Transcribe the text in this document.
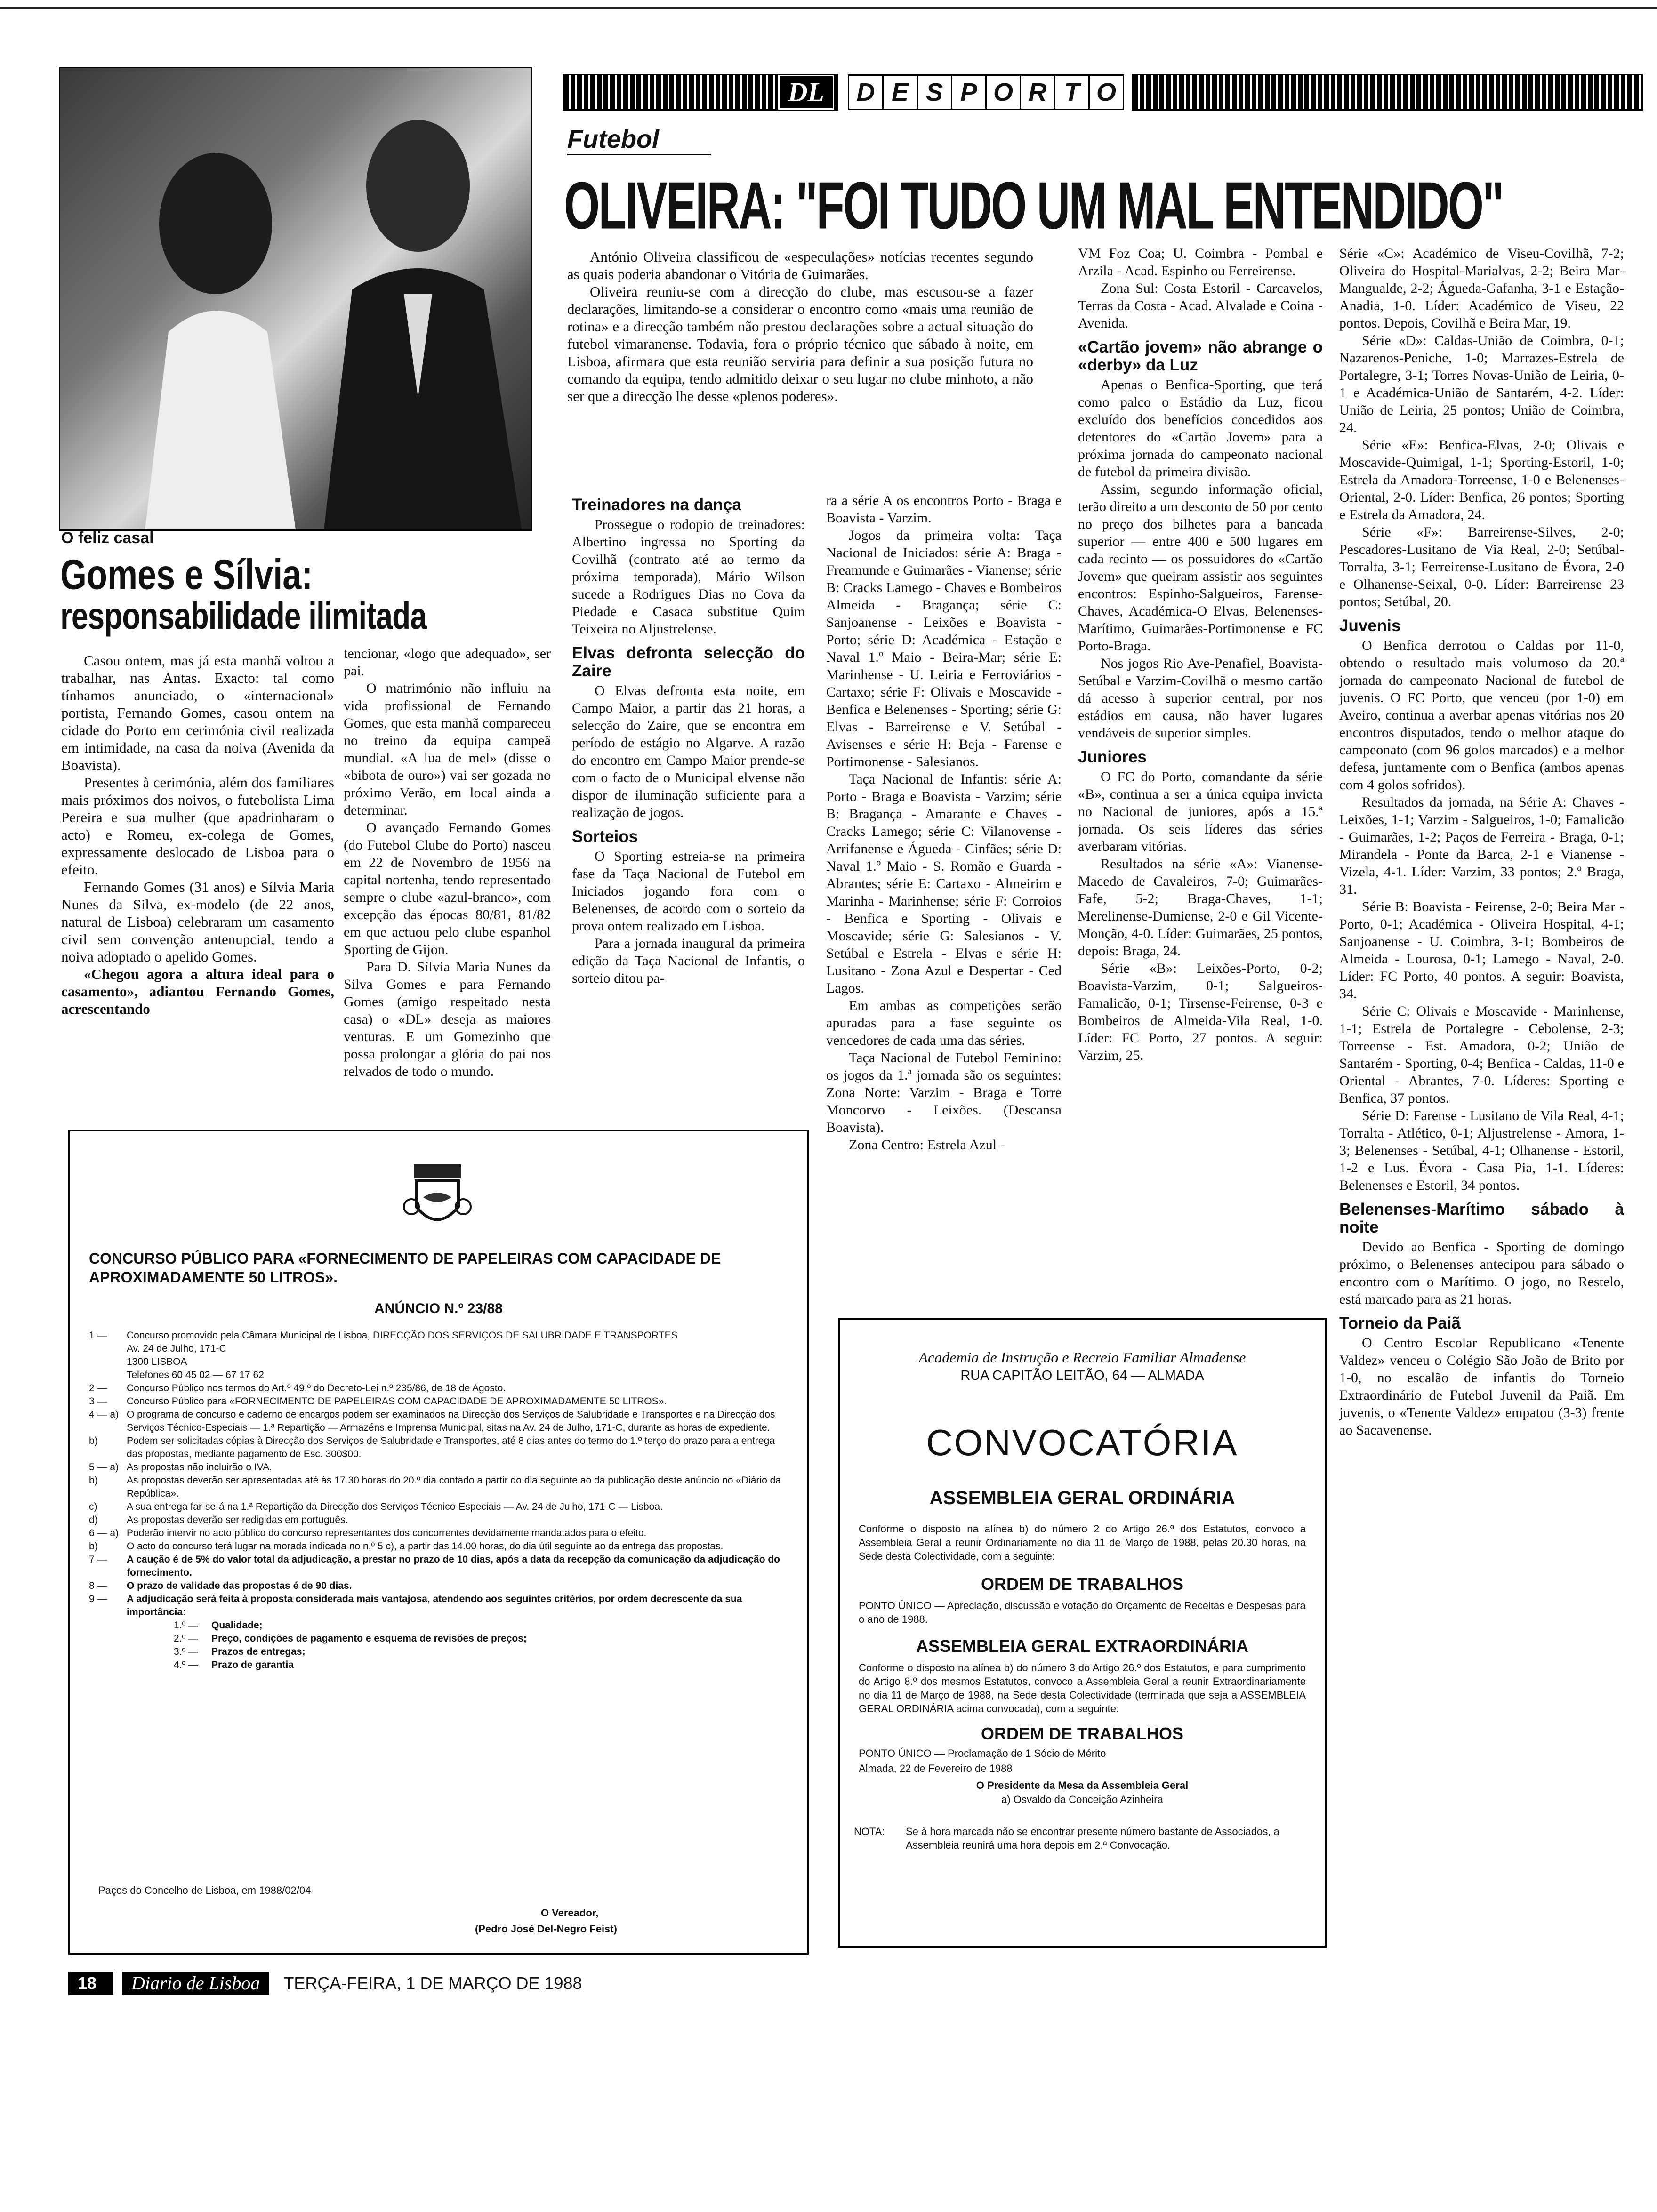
O feliz casal
Gomes e Sílvia:
responsabilidade ilimitada

Casou ontem, mas já esta manhã voltou a trabalhar, nas Antas. Exacto: tal como tínhamos anunciado, o «internacional» portista, Fernando Gomes, casou ontem na cidade do Porto em cerimónia civil realizada em intimidade, na casa da noiva (Avenida da Boavista).

Presentes à cerimónia, além dos familiares mais próximos dos noivos, o futebolista Lima Pereira e sua mulher (que apadrinharam o acto) e Romeu, ex-colega de Gomes, expressamente deslocado de Lisboa para o efeito.

Fernando Gomes (31 anos) e Sílvia Maria Nunes da Silva, ex-modelo (de 22 anos, natural de Lisboa) celebraram um casamento civil sem convenção antenupcial, tendo a noiva adoptado o apelido Gomes.

«Chegou agora a altura ideal para o casamento», adiantou Fernando Gomes, acrescentando

tencionar, «logo que adequado», ser pai.

O matrimónio não influiu na vida profissional de Fernando Gomes, que esta manhã compareceu no treino da equipa campeã mundial. «A lua de mel» (disse o «bibota de ouro») vai ser gozada no próximo Verão, em local ainda a determinar.

O avançado Fernando Gomes (do Futebol Clube do Porto) nasceu em 22 de Novembro de 1956 na capital nortenha, tendo representado sempre o clube «azul-branco», com excepção das épocas 80/81, 81/82 em que actuou pelo clube espanhol Sporting de Gijon.

Para D. Sílvia Maria Nunes da Silva Gomes e para Fernando Gomes (amigo respeitado nesta casa) o «DL» deseja as maiores venturas. E um Gomezinho que possa prolongar a glória do pai nos relvados de todo o mundo.

DL	D E S P O R T O
Futebol
OLIVEIRA: "FOI TUDO UM MAL ENTENDIDO"

António Oliveira classificou de «especulações» notícias recentes segundo as quais poderia abandonar o Vitória de Guimarães.

Oliveira reuniu-se com a direcção do clube, mas escusou-se a fazer declarações, limitando-se a considerar o encontro como «mais uma reunião de rotina» e a direcção também não prestou declarações sobre a actual situação do futebol vimaranense. Todavia, fora o próprio técnico que sábado à noite, em Lisboa, afirmara que esta reunião serviria para definir a sua posição futura no comando da equipa, tendo admitido deixar o seu lugar no clube minhoto, a não ser que a direcção lhe desse «plenos poderes».

Treinadores na dança

Prossegue o rodopio de treinadores: Albertino ingressa no Sporting da Covilhã (contrato até ao termo da próxima temporada), Mário Wilson sucede a Rodrigues Dias no Cova da Piedade e Casaca substitue Quim Teixeira no Aljustrelense.

Elvas defronta selecção do Zaire

O Elvas defronta esta noite, em Campo Maior, a partir das 21 horas, a selecção do Zaire, que se encontra em período de estágio no Algarve. A razão do encontro em Campo Maior prende-se com o facto de o Municipal elvense não dispor de iluminação suficiente para a realização de jogos.

Sorteios

O Sporting estreia-se na primeira fase da Taça Nacional de Futebol em Iniciados jogando fora com o Belenenses, de acordo com o sorteio da prova ontem realizado em Lisboa.

Para a jornada inaugural da primeira edição da Taça Nacional de Infantis, o sorteio ditou pa-

ra a série A os encontros Porto - Braga e Boavista - Varzim.

Jogos da primeira volta: Taça Nacional de Iniciados: série A: Braga - Freamunde e Guimarães - Vianense; série B: Cracks Lamego - Chaves e Bombeiros Almeida - Bragança; série C: Sanjoanense - Leixões e Boavista - Porto; série D: Académica - Estação e Naval 1.º Maio - Beira-Mar; série E: Marinhense - U. Leiria e Ferroviários - Cartaxo; série F: Olivais e Moscavide - Benfica e Belenenses - Sporting; série G: Elvas - Barreirense e V. Setúbal - Avisenses e série H: Beja - Farense e Portimonense - Salesianos.

Taça Nacional de Infantis: série A: Porto - Braga e Boavista - Varzim; série B: Bragança - Amarante e Chaves - Cracks Lamego; série C: Vilanovense - Arrifanense e Águeda - Cinfães; série D: Naval 1.º Maio - S. Romão e Guarda - Abrantes; série E: Cartaxo - Almeirim e Marinha - Marinhense; série F: Corroios - Benfica e Sporting - Olivais e Moscavide; série G: Salesianos - V. Setúbal e Estrela - Elvas e série H: Lusitano - Zona Azul e Despertar - Ced Lagos.

Em ambas as competições serão apuradas para a fase seguinte os vencedores de cada uma das séries.

Taça Nacional de Futebol Feminino: os jogos da 1.ª jornada são os seguintes: Zona Norte: Varzim - Braga e Torre Moncorvo - Leixões. (Descansa Boavista).

Zona Centro: Estrela Azul -

VM Foz Coa; U. Coimbra - Pombal e Arzila - Acad. Espinho ou Ferreirense.

Zona Sul: Costa Estoril - Carcavelos, Terras da Costa - Acad. Alvalade e Coina - Avenida.

«Cartão jovem» não abrange o «derby» da Luz

Apenas o Benfica-Sporting, que terá como palco o Estádio da Luz, ficou excluído dos benefícios concedidos aos detentores do «Cartão Jovem» para a próxima jornada do campeonato nacional de futebol da primeira divisão.

Assim, segundo informação oficial, terão direito a um desconto de 50 por cento no preço dos bilhetes para a bancada superior — entre 400 e 500 lugares em cada recinto — os possuidores do «Cartão Jovem» que queiram assistir aos seguintes encontros: Espinho-Salgueiros, Farense-Chaves, Académica-O Elvas, Belenenses-Marítimo, Guimarães-Portimonense e FC Porto-Braga.

Nos jogos Rio Ave-Penafiel, Boavista-Setúbal e Varzim-Covilhã o mesmo cartão dá acesso à superior central, por nos estádios em causa, não haver lugares vendáveis de superior simples.

Juniores

O FC do Porto, comandante da série «B», continua a ser a única equipa invicta no Nacional de juniores, após a 15.ª jornada. Os seis líderes das séries averbaram vitórias.

Resultados na série «A»: Vianense-Macedo de Cavaleiros, 7-0; Guimarães-Fafe, 5-2; Braga-Chaves, 1-1; Merelinense-Dumiense, 2-0 e Gil Vicente-Monção, 4-0. Líder: Guimarães, 25 pontos, depois: Braga, 24.

Série «B»: Leixões-Porto, 0-2; Boavista-Varzim, 0-1; Salgueiros-Famalicão, 0-1; Tirsense-Feirense, 0-3 e Bombeiros de Almeida-Vila Real, 1-0. Líder: FC Porto, 27 pontos. A seguir: Varzim, 25.

Série «C»: Académico de Viseu-Covilhã, 7-2; Oliveira do Hospital-Marialvas, 2-2; Beira Mar-Mangualde, 2-2; Águeda-Gafanha, 3-1 e Estação-Anadia, 1-0. Líder: Académico de Viseu, 22 pontos. Depois, Covilhã e Beira Mar, 19.

Série «D»: Caldas-União de Coimbra, 0-1; Nazarenos-Peniche, 1-0; Marrazes-Estrela de Portalegre, 3-1; Torres Novas-União de Leiria, 0-1 e Académica-União de Santarém, 4-2. Líder: União de Leiria, 25 pontos; União de Coimbra, 24.

Série «E»: Benfica-Elvas, 2-0; Olivais e Moscavide-Quimigal, 1-1; Sporting-Estoril, 1-0; Estrela da Amadora-Torreense, 1-0 e Belenenses-Oriental, 2-0. Líder: Benfica, 26 pontos; Sporting e Estrela da Amadora, 24.

Série «F»: Barreirense-Silves, 2-0; Pescadores-Lusitano de Via Real, 2-0; Setúbal-Torralta, 3-1; Ferreirense-Lusitano de Évora, 2-0 e Olhanense-Seixal, 0-0. Líder: Barreirense 23 pontos; Setúbal, 20.

Juvenis

O Benfica derrotou o Caldas por 11-0, obtendo o resultado mais volumoso da 20.ª jornada do campeonato Nacional de futebol de juvenis. O FC Porto, que venceu (por 1-0) em Aveiro, continua a averbar apenas vitórias nos 20 encontros disputados, tendo o melhor ataque do campeonato (com 96 golos marcados) e a melhor defesa, juntamente com o Benfica (ambos apenas com 4 golos sofridos).

Resultados da jornada, na Série A: Chaves - Leixões, 1-1; Varzim - Salgueiros, 1-0; Famalicão - Guimarães, 1-2; Paços de Ferreira - Braga, 0-1; Mirandela - Ponte da Barca, 2-1 e Vianense - Vizela, 4-1. Líder: Varzim, 33 pontos; 2.º Braga, 31.

Série B: Boavista - Feirense, 2-0; Beira Mar - Porto, 0-1; Académica - Oliveira Hospital, 4-1; Sanjoanense - U. Coimbra, 3-1; Bombeiros de Almeida - Lourosa, 0-1; Lamego - Naval, 2-0. Líder: FC Porto, 40 pontos. A seguir: Boavista, 34.

Série C: Olivais e Moscavide - Marinhense, 1-1; Estrela de Portalegre - Cebolense, 2-3; Torreense - Est. Amadora, 0-2; União de Santarém - Sporting, 0-4; Benfica - Caldas, 11-0 e Oriental - Abrantes, 7-0. Líderes: Sporting e Benfica, 37 pontos.

Série D: Farense - Lusitano de Vila Real, 4-1; Torralta - Atlético, 0-1; Aljustrelense - Amora, 1-3; Belenenses - Setúbal, 4-1; Olhanense - Estoril, 1-2 e Lus. Évora - Casa Pia, 1-1. Líderes: Belenenses e Estoril, 34 pontos.

Belenenses-Marítimo sábado à noite

Devido ao Benfica - Sporting de domingo próximo, o Belenenses antecipou para sábado o encontro com o Marítimo. O jogo, no Restelo, está marcado para as 21 horas.

Torneio da Paiã

O Centro Escolar Republicano «Tenente Valdez» venceu o Colégio São João de Brito por 1-0, no escalão de infantis do Torneio Extraordinário de Futebol Juvenil da Paiã. Em juvenis, o «Tenente Valdez» empatou (3-3) frente ao Sacavenense.

CONCURSO PÚBLICO PARA «FORNECIMENTO DE PAPELEIRAS COM CAPACIDADE DE APROXIMADAMENTE 50 LITROS».
ANÚNCIO N.º 23/88
1 —	Concurso promovido pela Câmara Municipal de Lisboa, DIRECÇÃO DOS SERVIÇOS DE SALUBRIDADE E TRANSPORTES
Av. 24 de Julho, 171-C
1300 LISBOA
Telefones 60 45 02 — 67 17 62
2 —	Concurso Público nos termos do Art.º 49.º do Decreto-Lei n.º 235/86, de 18 de Agosto.
3 —	Concurso Público para «FORNECIMENTO DE PAPELEIRAS COM CAPACIDADE DE APROXIMADAMENTE 50 LITROS».
4 — a) O programa de concurso e caderno de encargos podem ser examinados na Direcção dos Serviços de Salubridade e Transportes e na Direcção dos Serviços Técnico-Especiais — 1.ª Repartição — Armazéns e Imprensa Municipal, sitas na Av. 24 de Julho, 171-C, durante as horas de expediente.
b)	Podem ser solicitadas cópias à Direcção dos Serviços de Salubridade e Transportes, até 8 dias antes do termo do 1.º terço do prazo para a entrega das propostas, mediante pagamento de Esc. 300$00.
5 — a) As propostas não incluirão o IVA.
b)	As propostas deverão ser apresentadas até às 17.30 horas do 20.º dia contado a partir do dia seguinte ao da publicação deste anúncio no «Diário da República».
c)	A sua entrega far-se-á na 1.ª Repartição da Direcção dos Serviços Técnico-Especiais — Av. 24 de Julho, 171-C — Lisboa.
d)	As propostas deverão ser redigidas em português.
6 — a) Poderão intervir no acto público do concurso representantes dos concorrentes devidamente mandatados para o efeito.
b)	O acto do concurso terá lugar na morada indicada no n.º 5 c), a partir das 14.00 horas, do dia útil seguinte ao da entrega das propostas.
7 —	A caução é de 5% do valor total da adjudicação, a prestar no prazo de 10 dias, após a data da recepção da comunicação da adjudicação do fornecimento.
8 —	O prazo de validade das propostas é de 90 dias.
9 —	A adjudicação será feita à proposta considerada mais vantajosa, atendendo aos seguintes critérios, por ordem decrescente da sua importância:
1.º —	Qualidade;
2.º —	Preço, condições de pagamento e esquema de revisões de preços;
3.º —	Prazos de entregas;
4.º —	Prazo de garantia
Paços do Concelho de Lisboa, em 1988/02/04
O Vereador,
(Pedro José Del-Negro Feist)
Academia de Instrução e Recreio Familiar Almadense
RUA CAPITÃO LEITÃO, 64 — ALMADA
CONVOCATÓRIA
ASSEMBLEIA GERAL ORDINÁRIA
Conforme o disposto na alínea b) do número 2 do Artigo 26.º dos Estatutos, convoco a Assembleia Geral a reunir Ordinariamente no dia 11 de Março de 1988, pelas 20.30 horas, na Sede desta Colectividade, com a seguinte:
ORDEM DE TRABALHOS
PONTO ÚNICO — Apreciação, discussão e votação do Orçamento de Receitas e Despesas para o ano de 1988.
ASSEMBLEIA GERAL EXTRAORDINÁRIA
Conforme o disposto na alínea b) do número 3 do Artigo 26.º dos Estatutos, e para cumprimento do Artigo 8.º dos mesmos Estatutos, convoco a Assembleia Geral a reunir Extraordinariamente no dia 11 de Março de 1988, na Sede desta Colectividade (terminada que seja a ASSEMBLEIA GERAL ORDINÁRIA acima convocada), com a seguinte:
ORDEM DE TRABALHOS
PONTO ÚNICO — Proclamação de 1 Sócio de Mérito
Almada, 22 de Fevereiro de 1988
O Presidente da Mesa da Assembleia Geral
a) Osvaldo da Conceição Azinheira
NOTA:	Se à hora marcada não se encontrar presente número bastante de Associados, a Assembleia reunirá uma hora depois em 2.ª Convocação.
18	Diario de Lisboa	TERÇA-FEIRA, 1 DE MARÇO DE 1988
